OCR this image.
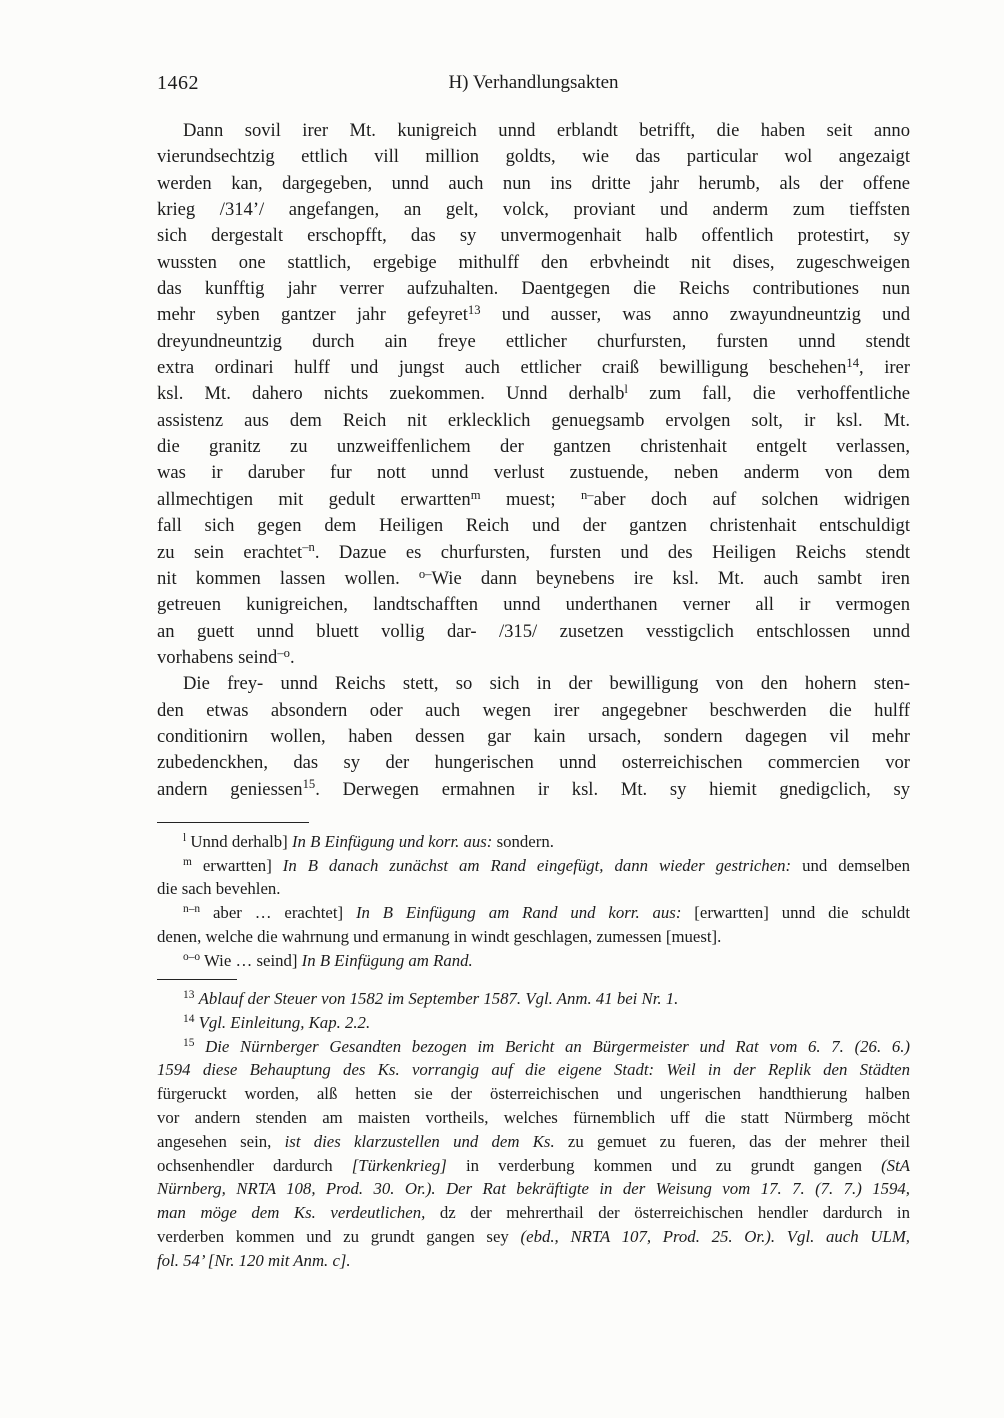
1462	H) Verhandlungsakten
Dann sovil irer Mt. kunigreich unnd erblandt betrifft, die haben seit anno
vierundsechtzig ettlich vill million goldts, wie das particular wol angezaigt
werden kan, dargegeben, unnd auch nun ins dritte jahr herumb, als der offene
krieg /314’/ angefangen, an gelt, volck, proviant und anderm zum tieffsten
sich dergestalt erschopfft, das sy unvermogenhait halb offentlich protestirt, sy
wussten one stattlich, ergebige mithulff den erbvheindt nit dises, zugeschweigen
das kunfftig jahr verrer aufzuhalten. Daentgegen die Reichs contributiones nun
mehr syben gantzer jahr gefeyret$^{13}$ und ausser, was anno zwayundneuntzig und
dreyundneuntzig durch ain freye ettlicher churfursten, fursten unnd stendt
extra ordinari hulff und jungst auch ettlicher craiß bewilligung beschehen$^{14}$, irer
ksl. Mt. dahero nichts zuekommen. Unnd derhalb$^l$ zum fall, die verhoffentliche
assistenz aus dem Reich nit erklecklich genuegsamb ervolgen solt, ir ksl. Mt.
die granitz zu unzweiffenlichem der gantzen christenhait entgelt verlassen,
was ir daruber fur nott unnd verlust zustuende, neben anderm von dem
allmechtigen mit gedult erwartten$^m$ muest; $^{n-}$aber doch auf solchen widrigen
fall sich gegen dem Heiligen Reich und der gantzen christenhait entschuldigt
zu sein erachtet$^{-n}$. Dazue es churfursten, fursten und des Heiligen Reichs stendt
nit kommen lassen wollen. $^{o-}$Wie dann beynebens ire ksl. Mt. auch sambt iren
getreuen kunigreichen, landtschafften unnd underthanen verner all ir vermogen
an guett unnd bluett vollig dar- /315/ zusetzen vesstigclich entschlossen unnd
vorhabens seind$^{-o}$.
Die frey- unnd Reichs stett, so sich in der bewilligung von den hohern sten-
den etwas absondern oder auch wegen irer angegebner beschwerden die hulff
conditionirn wollen, haben dessen gar kain ursach, sondern dagegen vil mehr
zubedenckhen, das sy der hungerischen unnd osterreichischen commercien vor
andern geniessen$^{15}$. Derwegen ermahnen ir ksl. Mt. sy hiemit gnedigclich, sy
$^l$ Unnd derhalb] In B Einfügung und korr. aus: sondern.
$^m$ erwartten] In B danach zunächst am Rand eingefügt, dann wieder gestrichen: und demselben
die sach bevehlen.
$^{n-n}$ aber … erachtet] In B Einfügung am Rand und korr. aus: [erwartten] unnd die schuldt
denen, welche die wahrnung und ermanung in windt geschlagen, zumessen [muest].
$^{o-o}$ Wie … seind] In B Einfügung am Rand.
$^{13}$ Ablauf der Steuer von 1582 im September 1587. Vgl. Anm. 41 bei Nr. 1.
$^{14}$ Vgl. Einleitung, Kap. 2.2.
$^{15}$ Die Nürnberger Gesandten bezogen im Bericht an Bürgermeister und Rat vom 6. 7. (26. 6.)
1594 diese Behauptung des Ks. vorrangig auf die eigene Stadt: Weil in der Replik den Städten
fürgeruckt worden, alß hetten sie der österreichischen und ungerischen handthierung halben
vor andern stenden am maisten vortheils, welches fürnemblich uff die statt Nürmberg möcht
angesehen sein, ist dies klarzustellen und dem Ks. zu gemuet zu fueren, das der mehrer theil
ochsenhendler dardurch [Türkenkrieg] in verderbung kommen und zu grundt gangen (StA
Nürnberg, NRTA 108, Prod. 30. Or.). Der Rat bekräftigte in der Weisung vom 17. 7. (7. 7.) 1594,
man möge dem Ks. verdeutlichen, dz der mehrerthail der österreichischen hendler dardurch in
verderben kommen und zu grundt gangen sey (ebd., NRTA 107, Prod. 25. Or.). Vgl. auch ULM,
fol. 54’ [Nr. 120 mit Anm. c].
